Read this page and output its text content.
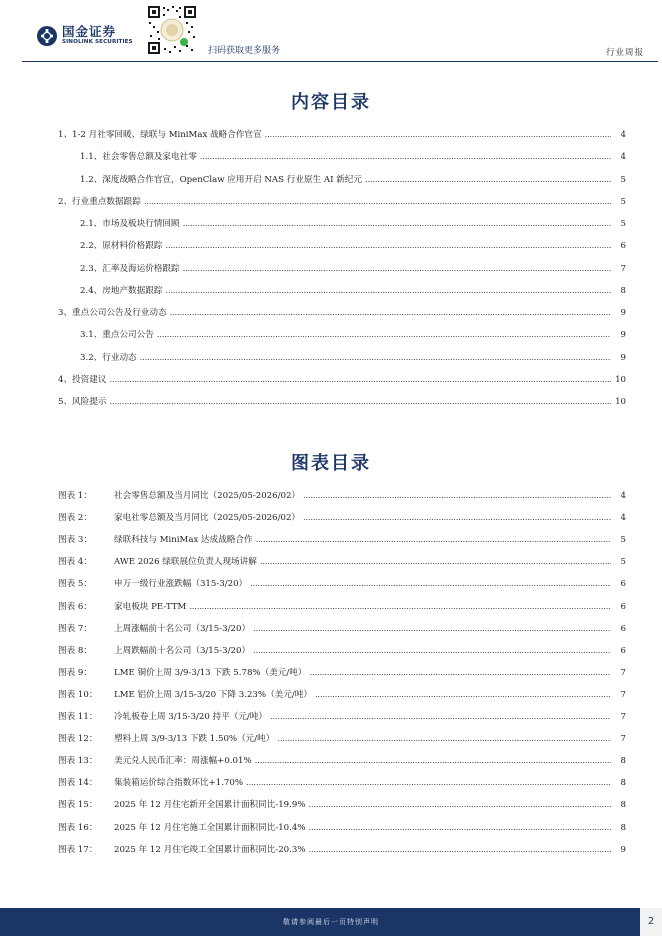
国金证券
SINOLINK SECURITIES
扫码获取更多服务	行业周报
内容目录
图表目录
敬请参阅最后一页特别声明	2
1、1-2 月社零回暖、绿联与 MiniMax 战略合作官宣 . . .	4
1.1、社会零售总额及家电社零 . . .	4
1.2、深度战略合作官宣，OpenClaw 应用开启 NAS 行业原生 AI 新纪元 . . .	5
2、行业重点数据跟踪 . . .	5
2.1、市场及板块行情回顾 . . .	5
2.2、原材料价格跟踪 . . .	6
2.3、汇率及海运价格跟踪 . . .	7
2.4、房地产数据跟踪 . . .	8
3、重点公司公告及行业动态 . . .	9
3.1、重点公司公告 . . .	9
3.2、行业动态 . . .	9
4、投资建议 . . .	10
5、风险提示 . . .	10
图表 1：	社会零售总额及当月同比（2025/05-2026/02） . . .	4
图表 2：	家电社零总额及当月同比（2025/05-2026/02） . . .	4
图表 3：	绿联科技与 MiniMax 达成战略合作 . . .	5
图表 4：	AWE 2026 绿联展位负责人现场讲解 . . .	5
图表 5：	申万一级行业涨跌幅（315-3/20） . . .	6
图表 6：	家电板块 PE-TTM . . .	6
图表 7：	上周涨幅前十名公司（3/15-3/20） . . .	6
图表 8：	上周跌幅前十名公司（3/15-3/20） . . .	6
图表 9：	LME 铜价上周 3/9-3/13 下跌 5.78%（美元/吨） . . .	7
图表 10：	LME 铝价上周 3/15-3/20 下降 3.23%（美元/吨） . . .	7
图表 11：	冷轧板卷上周 3/15-3/20 持平（元/吨） . . .	7
图表 12：	塑料上周 3/9-3/13 下跌 1.50%（元/吨） . . .	7
图表 13：	美元兑人民币汇率：周涨幅+0.01% . . .	8
图表 14：	集装箱运价综合指数环比+1.70% . . .	8
图表 15：	2025 年 12 月住宅新开全国累计面积同比-19.9% . . .	8
图表 16：	2025 年 12 月住宅施工全国累计面积同比-10.4% . . .	8
图表 17：	2025 年 12 月住宅竣工全国累计面积同比-20.3% . . .	9
